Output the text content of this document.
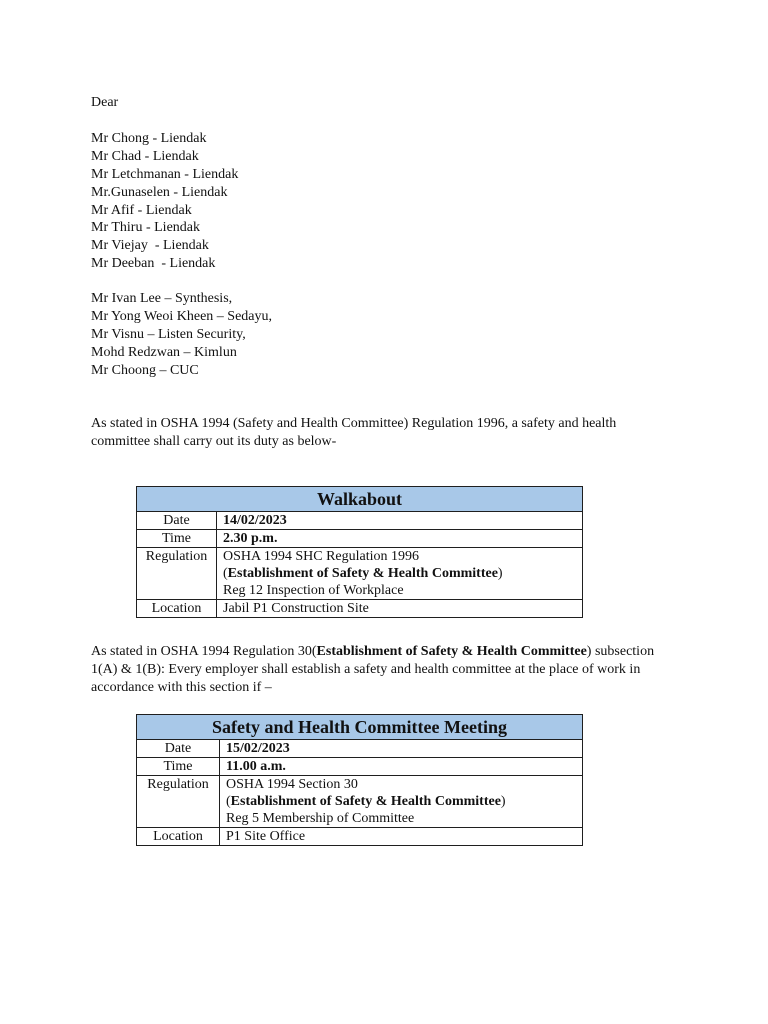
Dear
Mr Chong - Liendak
Mr Chad - Liendak
Mr Letchmanan - Liendak
Mr.Gunaselen - Liendak
Mr Afif - Liendak
Mr Thiru - Liendak
Mr Viejay  - Liendak
Mr Deeban  - Liendak
Mr Ivan Lee – Synthesis,
Mr Yong Weoi Kheen – Sedayu,
Mr Visnu – Listen Security,
Mohd Redzwan – Kimlun
Mr Choong – CUC
As stated in OSHA 1994 (Safety and Health Committee) Regulation 1996, a safety and health committee shall carry out its duty as below-
Walkabout	
Date	14/02/2023
Time	2.30 p.m.
Regulation	OSHA 1994 SHC Regulation 1996
(Establishment of Safety & Health Committee)
Reg 12 Inspection of Workplace

Location	Jabil P1 Construction Site
As stated in OSHA 1994 Regulation 30(Establishment of Safety & Health Committee) subsection 1(A) & 1(B): Every employer shall establish a safety and health committee at the place of work in accordance with this section if –
Safety and Health Committee Meeting	
Date	15/02/2023
Time	11.00 a.m.
Regulation	OSHA 1994 Section 30
(Establishment of Safety & Health Committee)
Reg 5 Membership of Committee

Location	P1 Site Office
